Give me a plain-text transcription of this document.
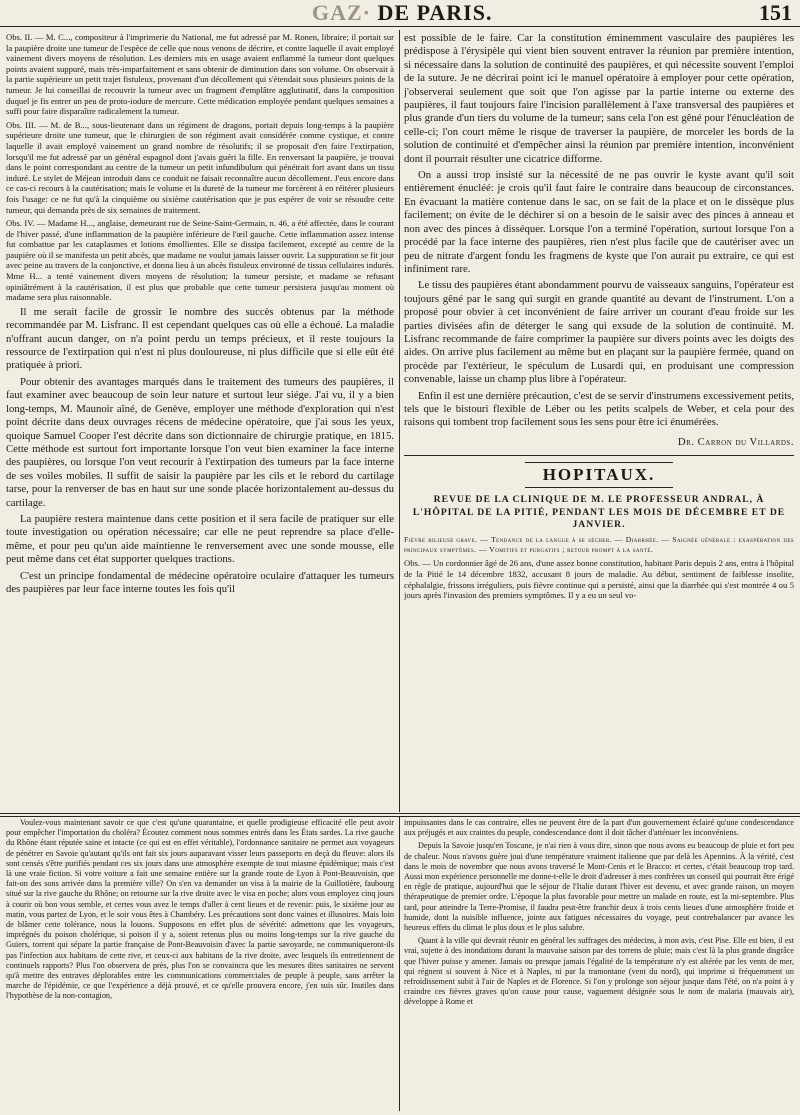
GAZ· DE PARIS.	151

Obs. II. — M. C..., compositeur à l'imprimerie du National, me fut adressé par M. Ronen, libraire; il portait sur la paupière droite une tumeur de l'espèce de celle que nous venons de décrire, et contre laquelle il avait employé vainement divers moyens de résolution. Les derniers mis en usage avaient enflammé la tumeur dont quelques points avaient suppuré, mais très-imparfaitement et sans obtenir de diminution dans son volume. On observait à la partie supérieure un petit trajet fistuleux, provenant d'un décollement qui s'étendait sous plusieurs points de la tumeur. Je lui conseillai de recouvrir la tumeur avec un fragment d'emplâtre agglutinatif, dans la composition duquel je fis entrer un peu de proto-iodure de mercure. Cette médication employée pendant quelques semaines a suffi pour faire disparaître radicalement la tumeur.

Obs. III. — M. de B..., sous-lieutenant dans un régiment de dragons, portait depuis long-temps à la paupière supérieure droite une tumeur, que le chirurgien de son régiment avait considérée comme cystique, et contre laquelle il avait employé vainement un grand nombre de résolutifs; il se proposait d'en faire l'extirpation, lorsqu'il me fut adressé par un général espagnol dont j'avais guéri la fille. En renversant la paupière, je trouvai dans le point correspondant au centre de la tumeur un petit infundibulum qui pénétrait fort avant dans un tissu induré. Le stylet de Méjean introduit dans ce conduit ne faisait reconnaître aucun décollement. J'eus encore dans ce cas-ci recours à la cautérisation; mais le volume et la dureté de la tumeur me forcèrent à en réitérer plusieurs fois l'usage: ce ne fut qu'à la cinquième ou sixième cautérisation que je pus espérer de voir se résoudre cette tumeur, qui demanda près de six semaines de traitement.

Obs. IV. — Madame H..., anglaise, demeurant rue de Seine-Saint-Germain, n. 46, a été affectée, dans le courant de l'hiver passé, d'une inflammation de la paupière inférieure de l'œil gauche. Cette inflammation assez intense fut combattue par les cataplasmes et lotions émollientes. Elle se dissipa facilement, excepté au centre de la paupière où il se manifesta un petit abcès, que madame ne voulut jamais laisser ouvrir. La suppuration se fit jour avec peine au travers de la conjonctive, et donna lieu à un abcès fistuleux environné de tissus cellulaires indurés. Mme H... a tenté vainement divers moyens de résolution; la tumeur persiste, et madame se refusant opiniâtrément à la cautérisation, il est plus que probable que cette tumeur persistera jusqu'au moment où madame sera plus raisonnable.

Il me serait facile de grossir le nombre des succès obtenus par la méthode recommandée par M. Lisfranc. Il est cependant quelques cas où elle a échoué. La maladie n'offrant aucun danger, on n'a point perdu un temps précieux, et il reste toujours la ressource de l'extirpation qui n'est ni plus douloureuse, ni plus difficile que si elle eût été pratiquée à priori.

Pour obtenir des avantages marqués dans le traitement des tumeurs des paupières, il faut examiner avec beaucoup de soin leur nature et surtout leur siége. J'ai vu, il y a bien long-temps, M. Maunoir aîné, de Genève, employer une méthode d'exploration qui n'est point décrite dans deux ouvrages récens de médecine opératoire, que j'ai sous les yeux, quoique Samuel Cooper l'est décrite dans son dictionnaire de chirurgie pratique, en 1815. Cette méthode est surtout fort importante lorsque l'on veut bien examiner la face interne des paupières, ou lorsque l'on veut recourir à l'extirpation des tumeurs par la face interne de ses voiles mobiles. Il suffit de saisir la paupière par les cils et le rebord du cartilage tarse, pour la renverser de bas en haut sur une sonde placée horizontalement au-dessus du cartilage.

La paupière restera maintenue dans cette position et il sera facile de pratiquer sur elle toute investigation ou opération nécessaire; car elle ne peut reprendre sa place d'elle-même, et pour peu qu'un aide maintienne le renversement avec une sonde mousse, elle peut même dans cet état supporter quelques tractions.

C'est un principe fondamental de médecine opératoire oculaire d'attaquer les tumeurs des paupières par leur face interne toutes les fois qu'il

est possible de le faire. Car la constitution éminemment vasculaire des paupières les prédispose à l'érysipèle qui vient bien souvent entraver la réunion par première intention, si nécessaire dans la solution de continuité des paupières, et qui nécessite souvent l'emploi de la suture. Je ne décrirai point ici le manuel opératoire à employer pour cette opération, j'observerai seulement que soit que l'on agisse par la partie interne ou externe des paupières, il faut toujours faire l'incision parallèlement à l'axe transversal des paupières et plus grande d'un tiers du volume de la tumeur; sans cela l'on est gêné pour l'énucléation de celle-ci; l'on court même le risque de traverser la paupière, de morceler les bords de la solution de continuité et d'empêcher ainsi la réunion par première intention, inconvénient dont il pourrait résulter une cicatrice difforme.

On a aussi trop insisté sur la nécessité de ne pas ouvrir le kyste avant qu'il soit entièrement énucléé: je crois qu'il faut faire le contraire dans beaucoup de circonstances. En évacuant la matière contenue dans le sac, on se fait de la place et on le dissèque plus facilement; on évite de le déchirer si on a besoin de le saisir avec des pinces à anneau et non avec des pinces à disséquer. Lorsque l'on a terminé l'opération, surtout lorsque l'on a procédé par la face interne des paupières, rien n'est plus facile que de cautériser avec un peu de nitrate d'argent fondu les fragmens de kyste que l'on aurait pu extraire, ce qui est infiniment rare.

Le tissu des paupières étant abondamment pourvu de vaisseaux sanguins, l'opérateur est toujours gêné par le sang qui surgit en grande quantité au devant de l'instrument. L'on a proposé pour obvier à cet inconvénient de faire arriver un courant d'eau froide sur les parties divisées afin de déterger le sang qui exsude de la solution de continuité. M. Lisfranc recommande de faire comprimer la paupière sur divers points avec les doigts des aides. On arrive plus facilement au même but en plaçant sur la paupière fermée, quand on procède par l'extérieur, le spéculum de Lusardi qui, en produisant une compression convenable, laisse un champ plus libre à l'opérateur.

Enfin il est une dernière précaution, c'est de se servir d'instrumens excessivement petits, tels que le bistouri flexible de Léber ou les petits scalpels de Weber, et cela pour des raisons qui tombent trop facilement sous les sens pour être ici énumérées.

Dr. Carron du Villards.

HOPITAUX.
REVUE DE LA CLINIQUE DE M. LE PROFESSEUR ANDRAL, À L'HÔPITAL DE LA PITIÉ, PENDANT LES MOIS DE DÉCEMBRE ET DE JANVIER.

Fièvre bilieuse grave. — Tendance de la langue à se sécher. — Diarrhée. — Saignée générale : exaspération des principaux symptômes. — Vomitifs et purgatifs ; retour prompt à la santé.

Obs. — Un cordonnier âgé de 26 ans, d'une assez bonne constitution, habitant Paris depuis 2 ans, entra à l'hôpital de la Pitié le 14 décembre 1832, accusant 8 jours de maladie. Au début, sentiment de faiblesse insolite, céphalalgie, frissons irréguliers, puis fièvre continue qui a persisté, ainsi que la diarrhée qui s'est montrée 4 ou 5 jours après l'invasion des premiers symptômes. Il y a eu un seul vo-

Voulez-vous maintenant savoir ce que c'est qu'une quarantaine, et quelle prodigieuse efficacité elle peut avoir pour empêcher l'importation du choléra? Écoutez comment nous sommes entrés dans les États sardes. La rive gauche du Rhône étant réputée saine et intacte (ce qui est en effet véritable), l'ordonnance sanitaire ne permet aux voyageurs de pénétrer en Savoie qu'autant qu'ils ont fait six jours auparavant visser leurs passeports en deçà du fleuve: alors ils sont censés s'être purifiés pendant ces six jours dans une atmosphère exempte de tout miasme épidémique; mais c'est là une vraie fiction. Si votre voiture a fait une semaine entière sur la grande route de Lyon à Pont-Beauvoisin, que fait-on des sons arrivée dans la première ville? On s'en va demander un visa à la mairie de la Guillotière, faubourg situé sur la rive gauche du Rhône; on retourne sur la rive droite avec le visa en poche; alors vous employez cinq jours à courir où bon vous semble, et certes vous avez le temps d'aller à cent lieues et de revenir: puis, le sixième jour au matin, vous partez de Lyon, et le soir vous êtes à Chambéry. Les précautions sont donc vaines et illusoires. Mais loin de blâmer cette tolérance, nous la louons. Supposons en effet plus de sévérité: admettons que les voyageurs, imprégnés du poison cholérique, si poison il y a, soient retenus plus ou moins long-temps sur la rive gauche du Guiers, torrent qui sépare la partie française de Pont-Beauvoisin d'avec la partie savoyarde, ne communiqueront-ils pas l'infection aux habitans de cette rive, et ceux-ci aux habitans de la rive droite, avec lesquels ils entretiennent de continuels rapports? Plus l'on observera de près, plus l'on se convaincra que les mesures dites sanitaires ne servent qu'à mettre des entraves déplorables entre les communications commerciales de peuple à peuple, sans arrêter la marche de l'épidémie, ce que l'expérience a déjà prouvé, et ce qu'elle prouvera encore, j'en suis sûr. Inutiles dans l'hypothèse de la non-contagion,

impuissantes dans le cas contraire, elles ne peuvent être de la part d'un gouvernement éclairé qu'une condescendance aux préjugés et aux craintes du peuple, condescendance dont il doit tâcher d'atténuer les inconvéniens.

Depuis la Savoie jusqu'en Toscane, je n'ai rien à vous dire, sinon que nous avons eu beaucoup de pluie et fort peu de chaleur. Nous n'avons guère joui d'une température vraiment italienne que par delà les Apennins. À la vérité, c'est dans le mois de novembre que nous avons traversé le Mont-Cenis et le Bracco: et certes, c'était beaucoup trop tard. Aussi mon expérience personnelle me donne-t-elle le droit d'adresser à mes confrères un conseil qui pourrait être érigé en règle de pratique, aujourd'hui que le séjour de l'Italie durant l'hiver est devenu, et avec grande raison, un moyen thérapeutique de premier ordre. L'époque la plus favorable pour mettre un malade en route, est la mi-septembre. Plus tard, pour atteindre la Terre-Promise, il faudra peut-être franchir deux à trois cents lieues d'une atmosphère froide et humide, dont la nuisible influence, jointe aux fatigues nécessaires du voyage, peut contrebalancer par avance les heureux effets du climat le plus doux et le plus salubre.

Quant à la ville qui devrait réunir en général les suffrages des médecins, à mon avis, c'est Pise. Elle est bien, il est vrai, sujette à des inondations durant la mauvaise saison par des torrens de pluie; mais c'est là la plus grande disgrâce que l'hiver puisse y amener. Jamais ou presque jamais l'égalité de la température n'y est altérée par les vents de mer, qui régnent si souvent à Nice et à Naples, ni par la tramontane (vent du nord), qui imprime si fréquemment un refroidissement subit à l'air de Naples et de Florence. Si l'on y prolonge son séjour jusque dans l'été, on n'a point à y craindre ces fièvres graves qu'on cause pour cause, vaguement désignée sous le nom de malaria (mauvais air), développe à Rome et
